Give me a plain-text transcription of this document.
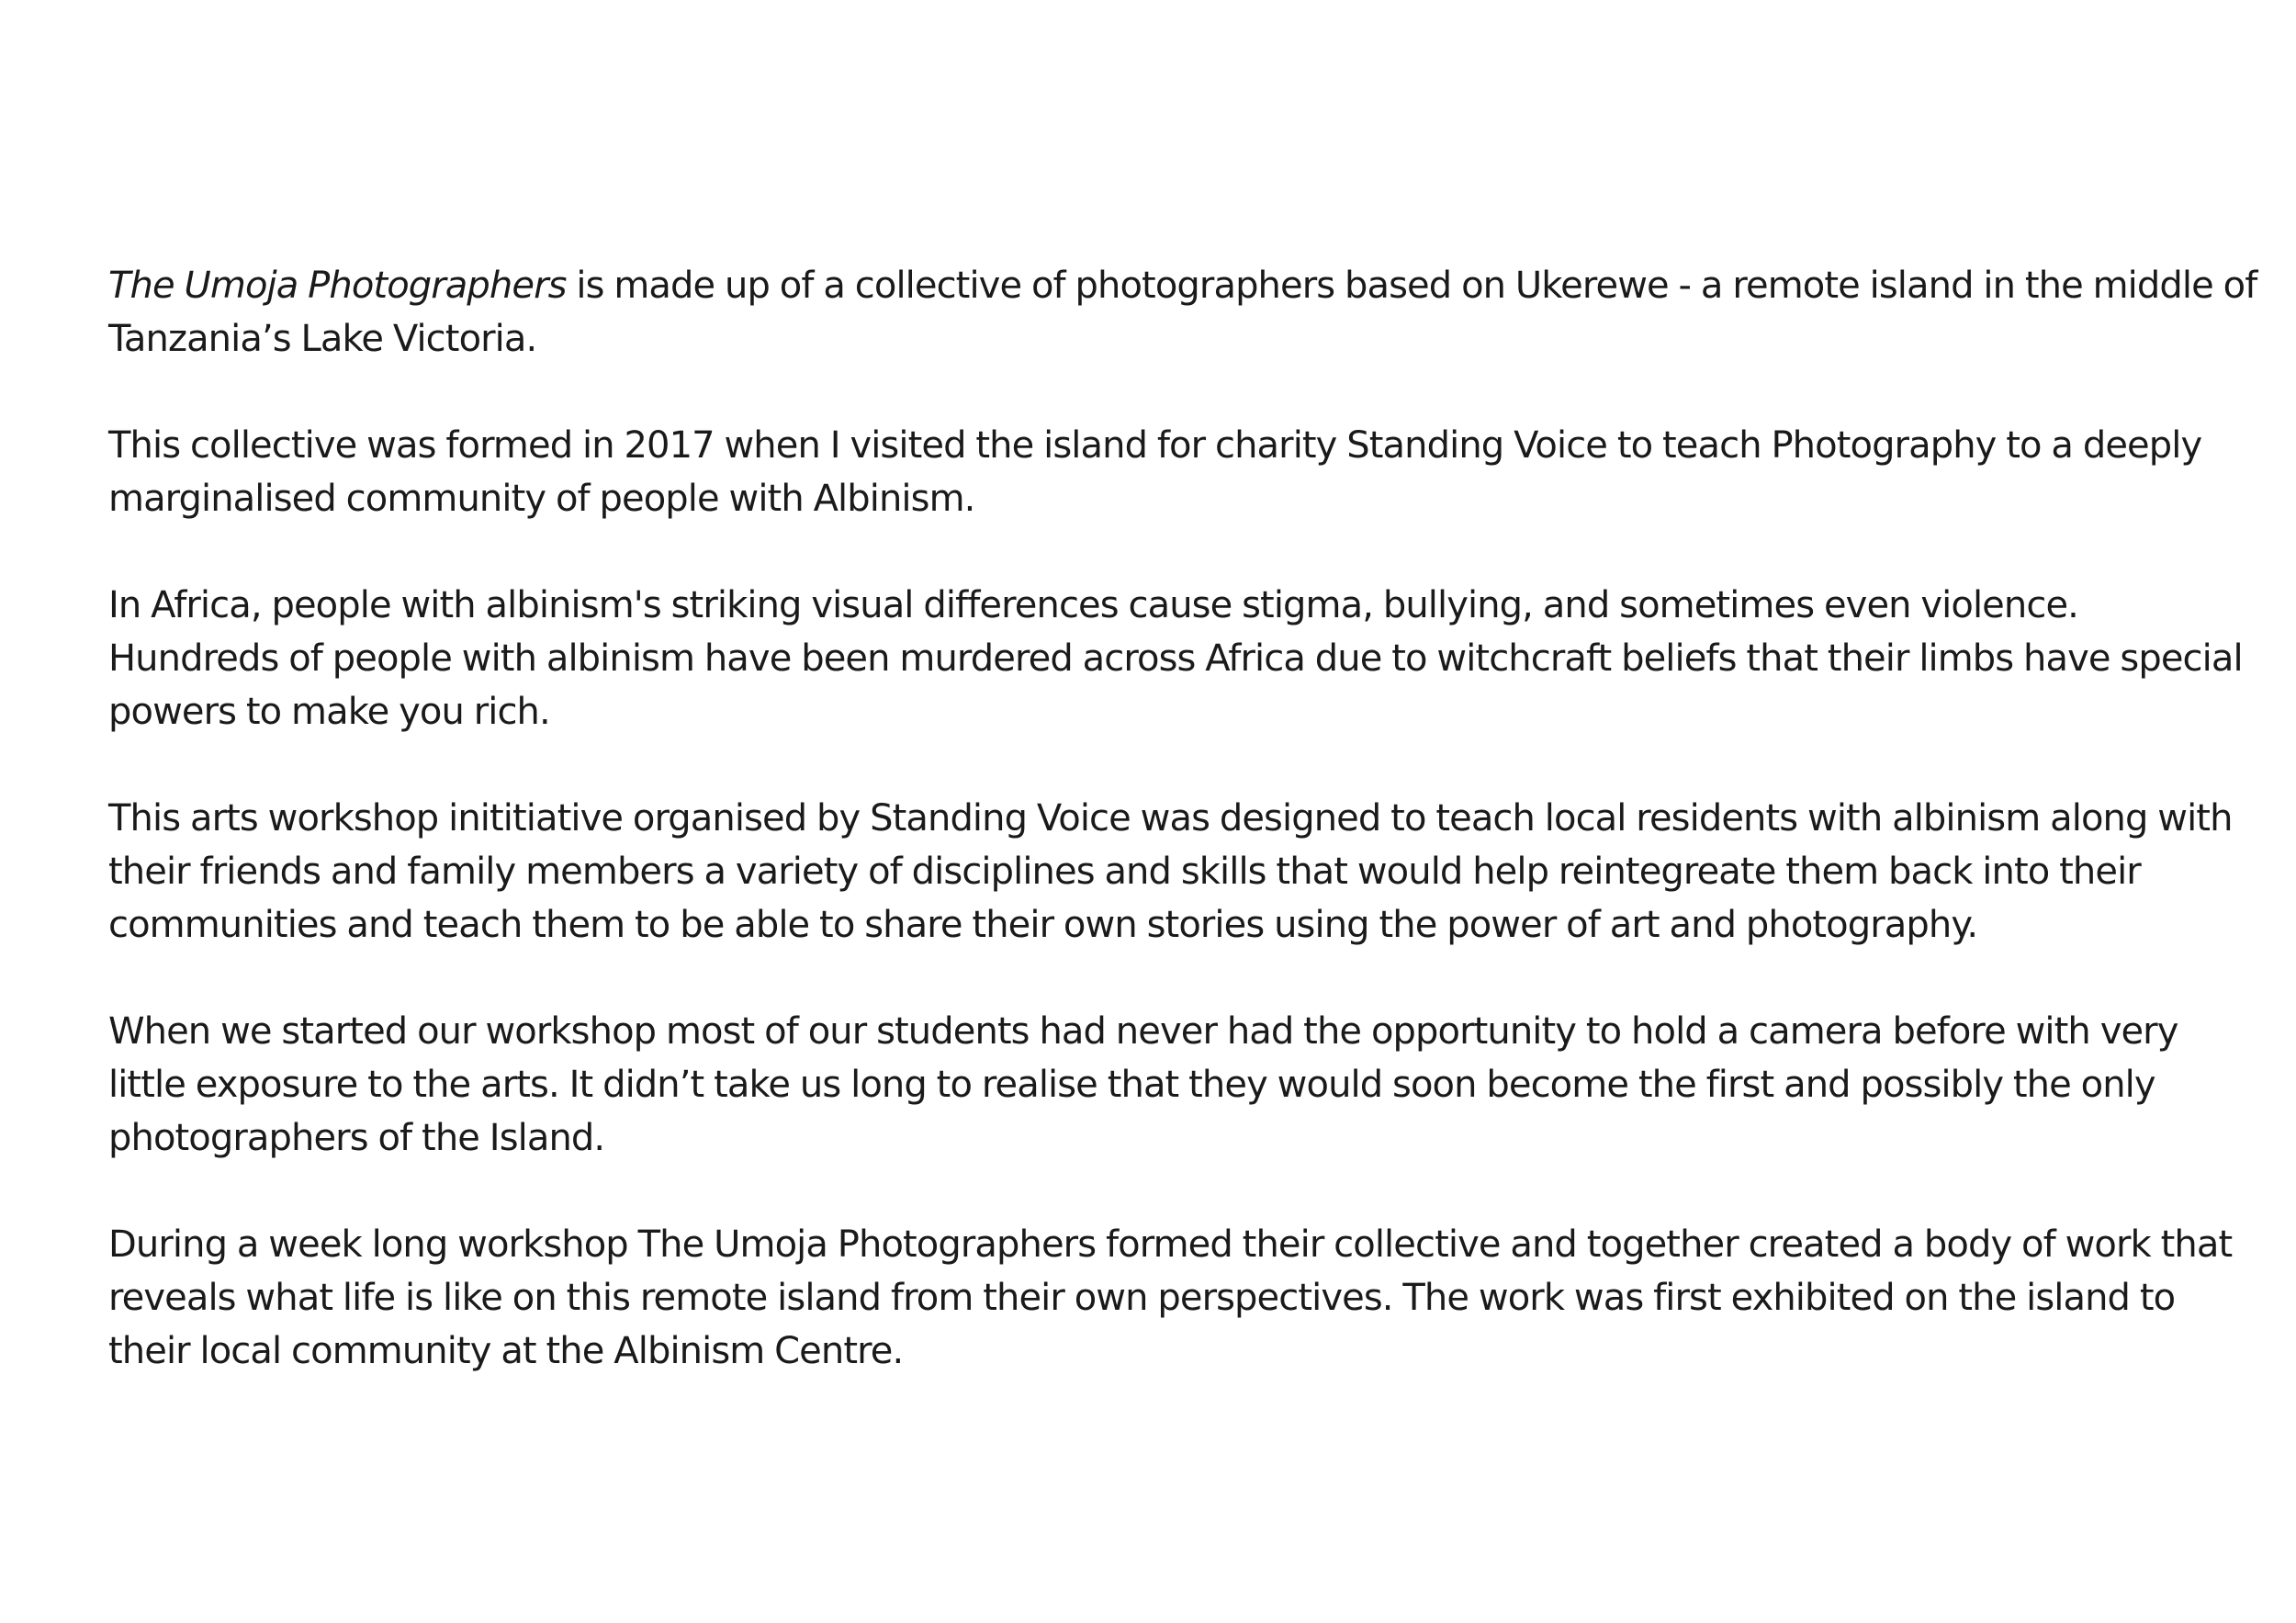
The Umoja Photographers is made up of a collective of photographers based on Ukerewe - a remote island in the middle of Tanzania’s Lake Victoria.

This collective was formed in 2017 when I visited the island for charity Standing Voice to teach Photography to a deeply marginalised community of people with Albinism.

In Africa, people with albinism's striking visual differences cause stigma, bullying, and sometimes even violence. Hundreds of people with albinism have been murdered across Africa due to witchcraft beliefs that their limbs have special powers to make you rich.

This arts workshop inititiative organised by Standing Voice was designed to teach local residents with albinism along with their friends and family members a variety of disciplines and skills that would help reintegreate them back into their communities and teach them to be able to share their own stories using the power of art and photography.

When we started our workshop most of our students had never had the opportunity to hold a camera before with very little exposure to the arts. It didn’t take us long to realise that they would soon become the first and possibly the only photographers of the Island.

During a week long workshop The Umoja Photographers formed their collective and together created a body of work that reveals what life is like on this remote island from their own perspectives. The work was first exhibited on the island to their local community at the Albinism Centre.
